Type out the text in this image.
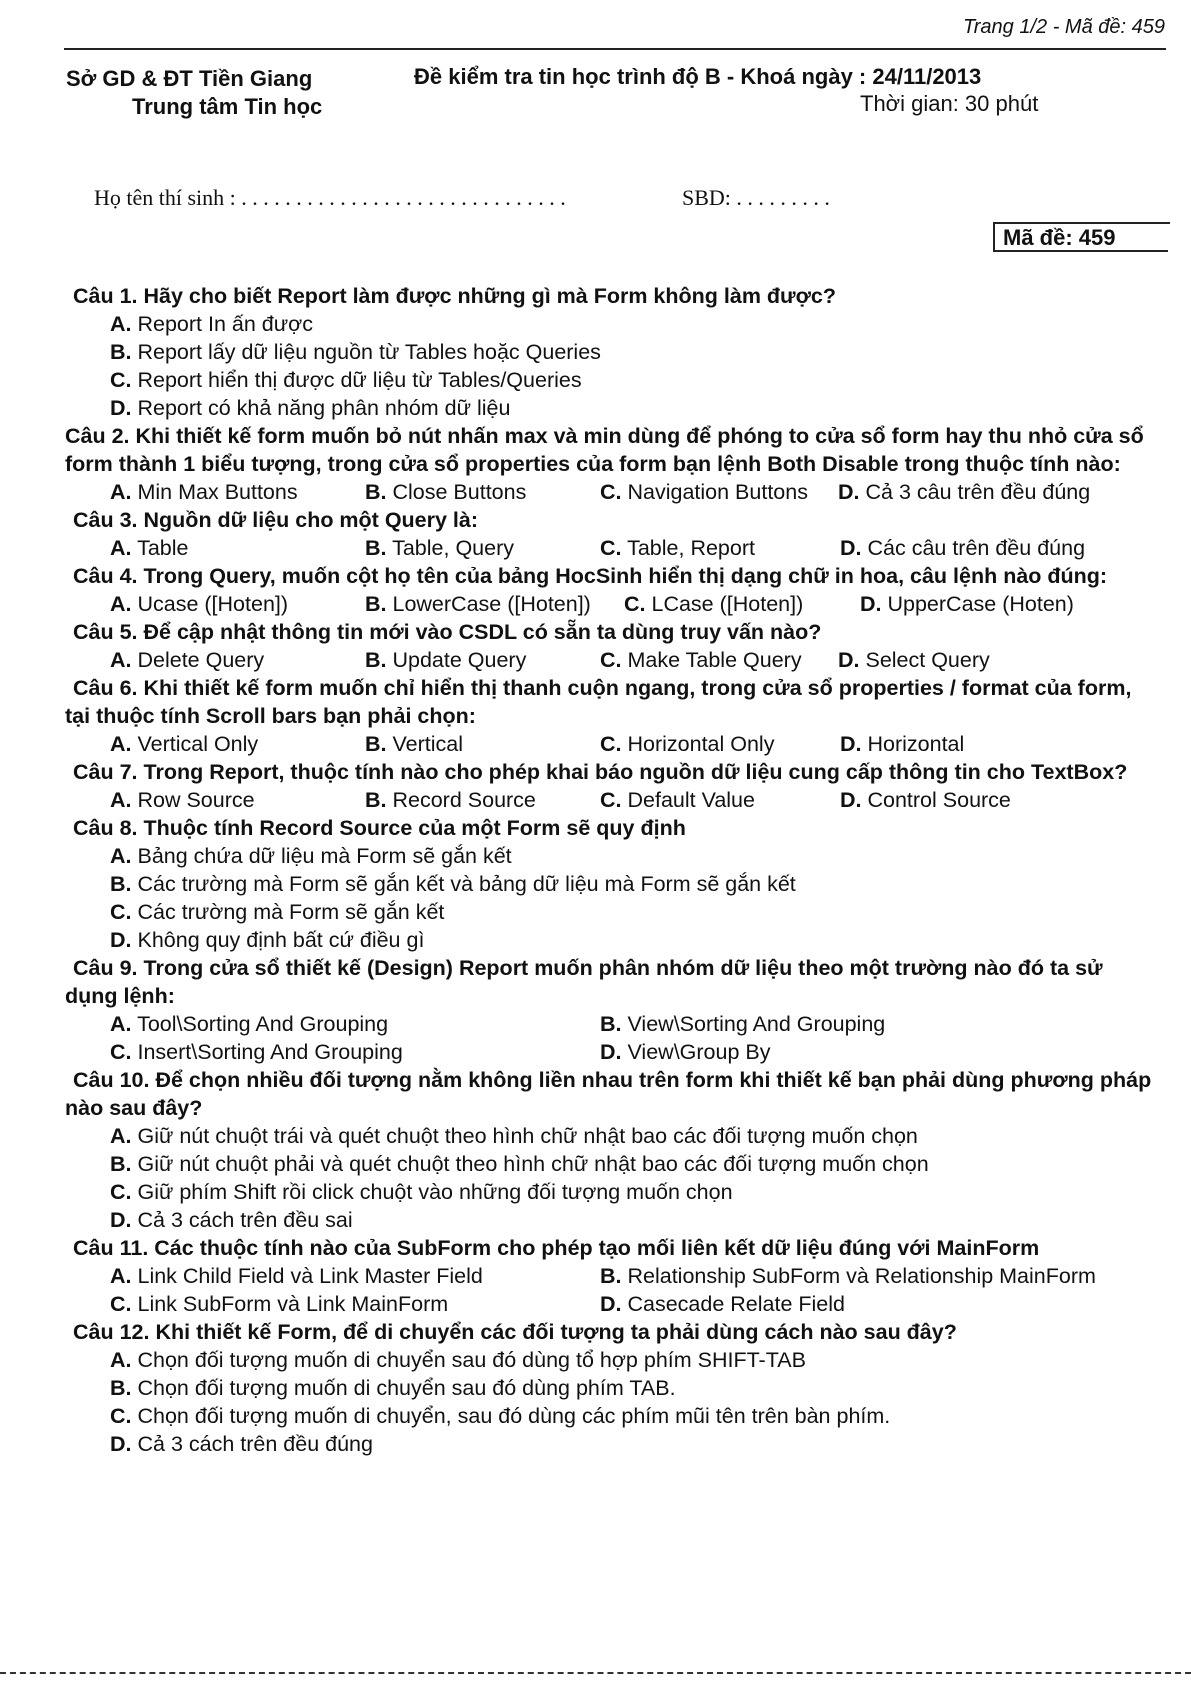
Trang 1/2 - Mã đề: 459
Sở GD & ĐT Tiền Giang
Trung tâm Tin học
Đề kiểm tra tin học trình độ B - Khoá ngày : 24/11/2013
Thời gian: 30 phút
Họ tên thí sinh : . . . . . . . . . . . . . . . . . . . . . . . . . . . . . .	SBD: . . . . . . . . .
Mã đề: 459

Câu 1. Hãy cho biết Report làm được những gì mà Form không làm được?

A. Report In ấn được
B. Report lấy dữ liệu nguồn từ Tables hoặc Queries
C. Report hiển thị được dữ liệu từ Tables/Queries
D. Report có khả năng phân nhóm dữ liệu

Câu 2. Khi thiết kế form muốn bỏ nút nhấn max và min dùng để phóng to cửa sổ form hay thu nhỏ cửa sổ form thành 1 biểu tượng, trong cửa sổ properties của form bạn lệnh Both Disable trong thuộc tính nào:

A. Min Max Buttons	B. Close Buttons	C. Navigation Buttons D. Cả 3 câu trên đều đúng

Câu 3. Nguồn dữ liệu cho một Query là:

A. Table	B. Table, Query	C. Table, Report	D. Các câu trên đều đúng

Câu 4. Trong Query, muốn cột họ tên của bảng HocSinh hiển thị dạng chữ in hoa, câu lệnh nào đúng:

A. Ucase ([Hoten])	B. LowerCase ([Hoten]) C. LCase ([Hoten])	D. UpperCase (Hoten)

Câu 5. Để cập nhật thông tin mới vào CSDL có sẵn ta dùng truy vấn nào?

A. Delete Query	B. Update Query	C. Make Table Query D. Select Query

Câu 6. Khi thiết kế form muốn chỉ hiển thị thanh cuộn ngang, trong cửa sổ properties / format của form, tại thuộc tính Scroll bars bạn phải chọn:

A. Vertical Only	B. Vertical	C. Horizontal Only	D. Horizontal

Câu 7. Trong Report, thuộc tính nào cho phép khai báo nguồn dữ liệu cung cấp thông tin cho TextBox?

A. Row Source	B. Record Source	C. Default Value	D. Control Source

Câu 8. Thuộc tính Record Source của một Form sẽ quy định

A. Bảng chứa dữ liệu mà Form sẽ gắn kết
B. Các trường mà Form sẽ gắn kết và bảng dữ liệu mà Form sẽ gắn kết
C. Các trường mà Form sẽ gắn kết
D. Không quy định bất cứ điều gì

Câu 9. Trong cửa sổ thiết kế (Design) Report muốn phân nhóm dữ liệu theo một trường nào đó ta sử dụng lệnh:

A. Tool\Sorting And Grouping	B. View\Sorting And Grouping
C. Insert\Sorting And Grouping	D. View\Group By

Câu 10. Để chọn nhiều đối tượng nằm không liền nhau trên form khi thiết kế bạn phải dùng phương pháp nào sau đây?

A. Giữ nút chuột trái và quét chuột theo hình chữ nhật bao các đối tượng muốn chọn
B. Giữ nút chuột phải và quét chuột theo hình chữ nhật bao các đối tượng muốn chọn
C. Giữ phím Shift rồi click chuột vào những đối tượng muốn chọn
D. Cả 3 cách trên đều sai

Câu 11. Các thuộc tính nào của SubForm cho phép tạo mối liên kết dữ liệu đúng với MainForm

A. Link Child Field và Link Master Field	B. Relationship SubForm và Relationship MainForm
C. Link SubForm và Link MainForm	D. Casecade Relate Field

Câu 12. Khi thiết kế Form, để di chuyển các đối tượng ta phải dùng cách nào sau đây?

A. Chọn đối tượng muốn di chuyển sau đó dùng tổ hợp phím SHIFT-TAB
B. Chọn đối tượng muốn di chuyển sau đó dùng phím TAB.
C. Chọn đối tượng muốn di chuyển, sau đó dùng các phím mũi tên trên bàn phím.
D. Cả 3 cách trên đều đúng
